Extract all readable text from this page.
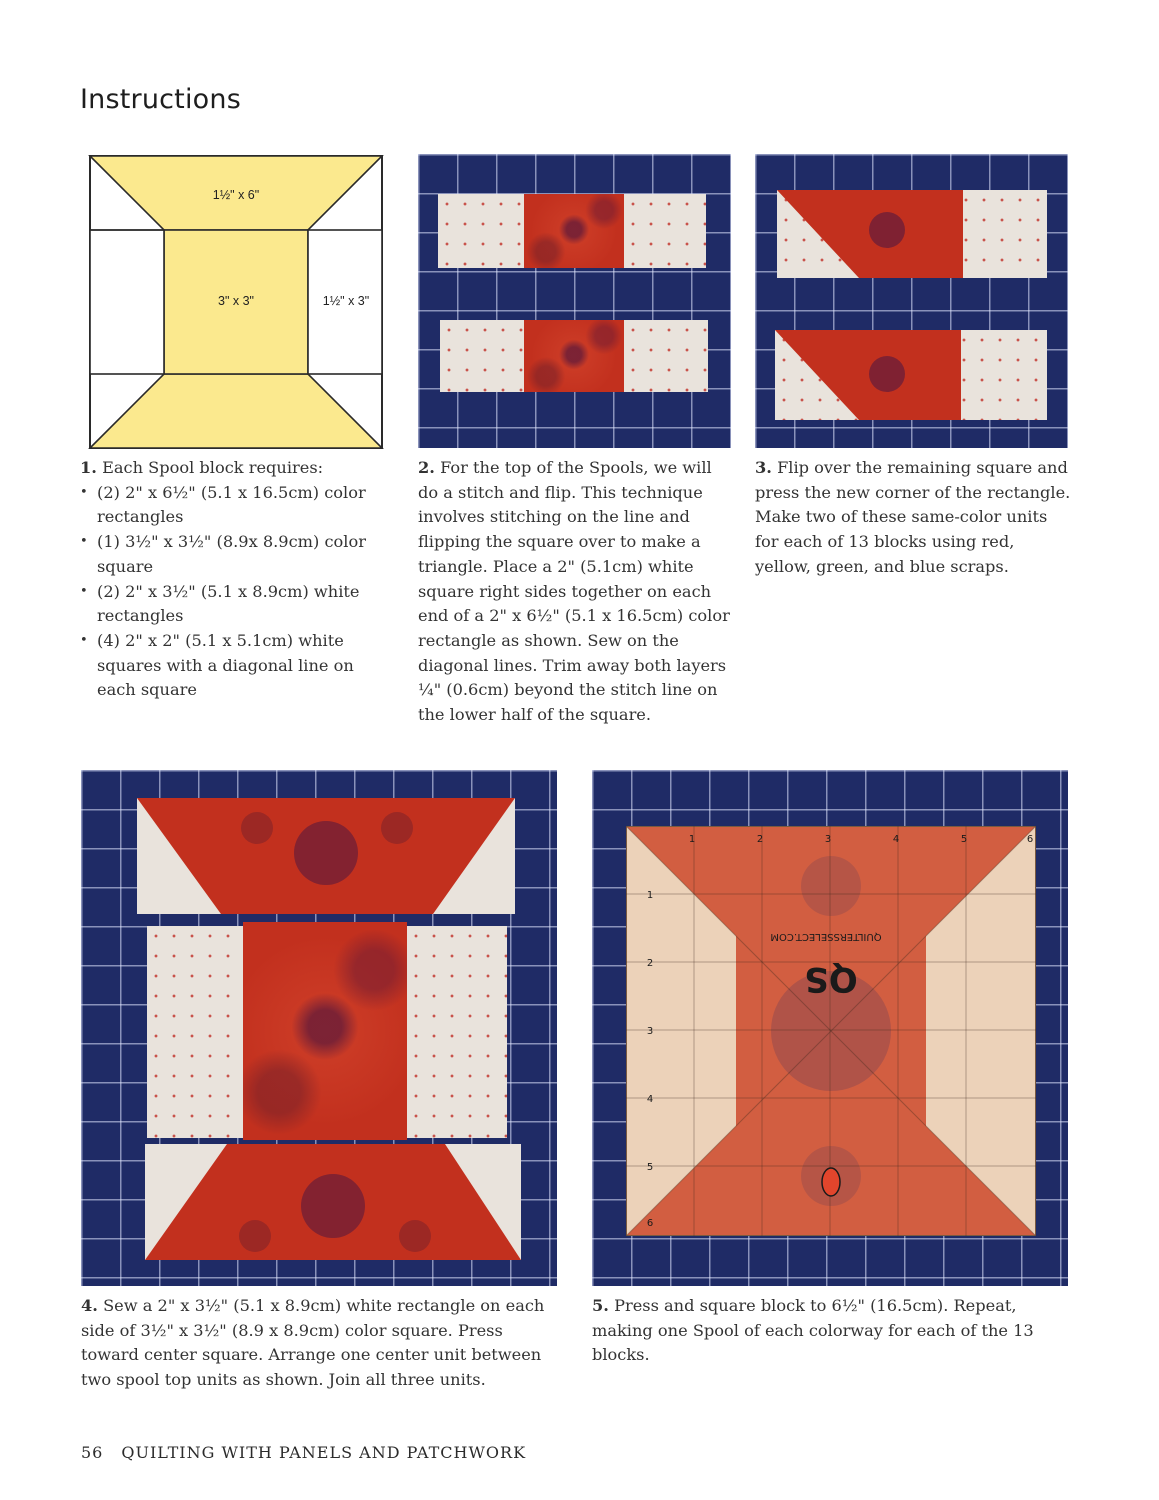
Instructions
1½" x 6"
3" x 3"	1½" x 3"
1. Each Spool block requires:
• (2) 2" x 6½" (5.1 x 16.5cm) color rectangles
• (1) 3½" x 3½" (8.9x 8.9cm) color square
• (2) 2" x 3½" (5.1 x 8.9cm) white rectangles
• (4) 2" x 2" (5.1 x 5.1cm) white squares with a diagonal line on each square
2. For the top of the Spools, we will do a stitch and flip. This technique involves stitching on the line and flipping the square over to make a triangle. Place a 2" (5.1cm) white square right sides together on each end of a 2" x 6½" (5.1 x 16.5cm) color rectangle as shown. Sew on the diagonal lines. Trim away both layers ¼" (0.6cm) beyond the stitch line on the lower half of the square.
3. Flip over the remaining square and press the new corner of the rectangle. Make two of these same-color units for each of 13 blocks using red, yellow, green, and blue scraps.
1	2	3	4	5	6
1
2
3
4
5
6
QUILTERSSELECT.COM
QS
4. Sew a 2" x 3½" (5.1 x 8.9cm) white rectangle on each side of 3½" x 3½" (8.9 x 8.9cm) color square. Press toward center square. Arrange one center unit between two spool top units as shown. Join all three units.
5. Press and square block to 6½" (16.5cm). Repeat, making one Spool of each colorway for each of the 13 blocks.
56 QUILTING WITH PANELS AND PATCHWORK
